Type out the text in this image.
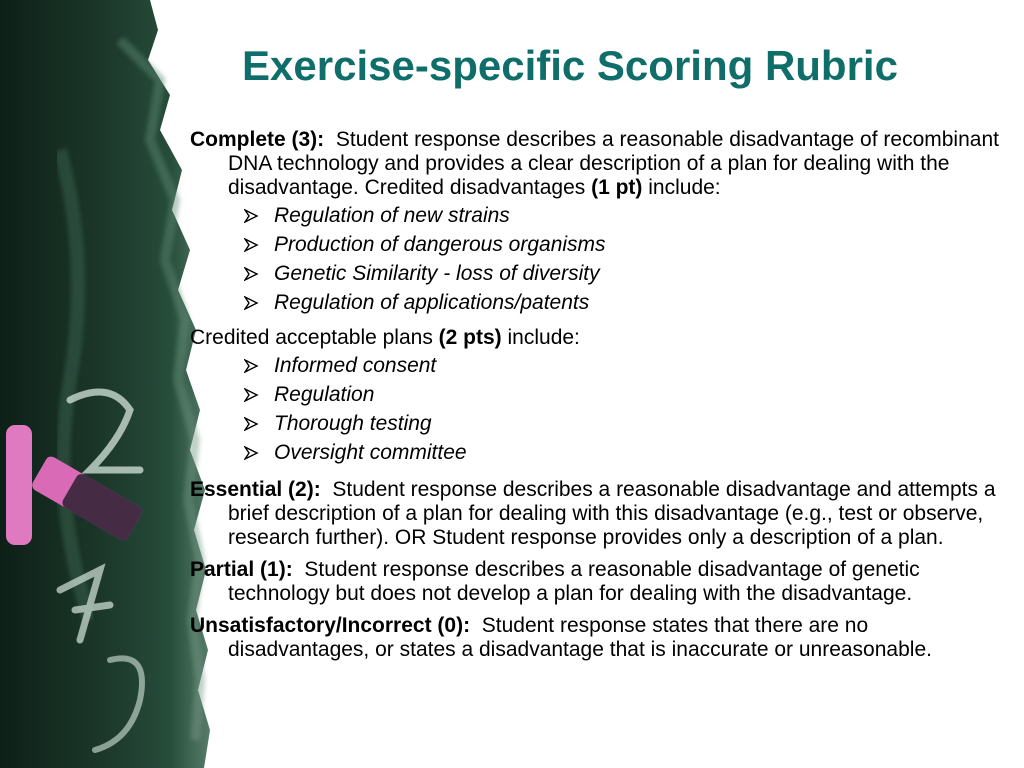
Exercise-specific Scoring Rubric

Complete (3): Student response describes a reasonable disadvantage of recombinant DNA technology and provides a clear description of a plan for dealing with the disadvantage. Credited disadvantages (1 pt) include:

Regulation of new strains
Production of dangerous organisms
Genetic Similarity - loss of diversity
Regulation of applications/patents

Credited acceptable plans (2 pts) include:

Informed consent
Regulation
Thorough testing
Oversight committee

Essential (2): Student response describes a reasonable disadvantage and attempts a brief description of a plan for dealing with this disadvantage (e.g., test or observe, research further). OR Student response provides only a description of a plan.

Partial (1): Student response describes a reasonable disadvantage of genetic technology but does not develop a plan for dealing with the disadvantage.

Unsatisfactory/Incorrect (0): Student response states that there are no disadvantages, or states a disadvantage that is inaccurate or unreasonable.
